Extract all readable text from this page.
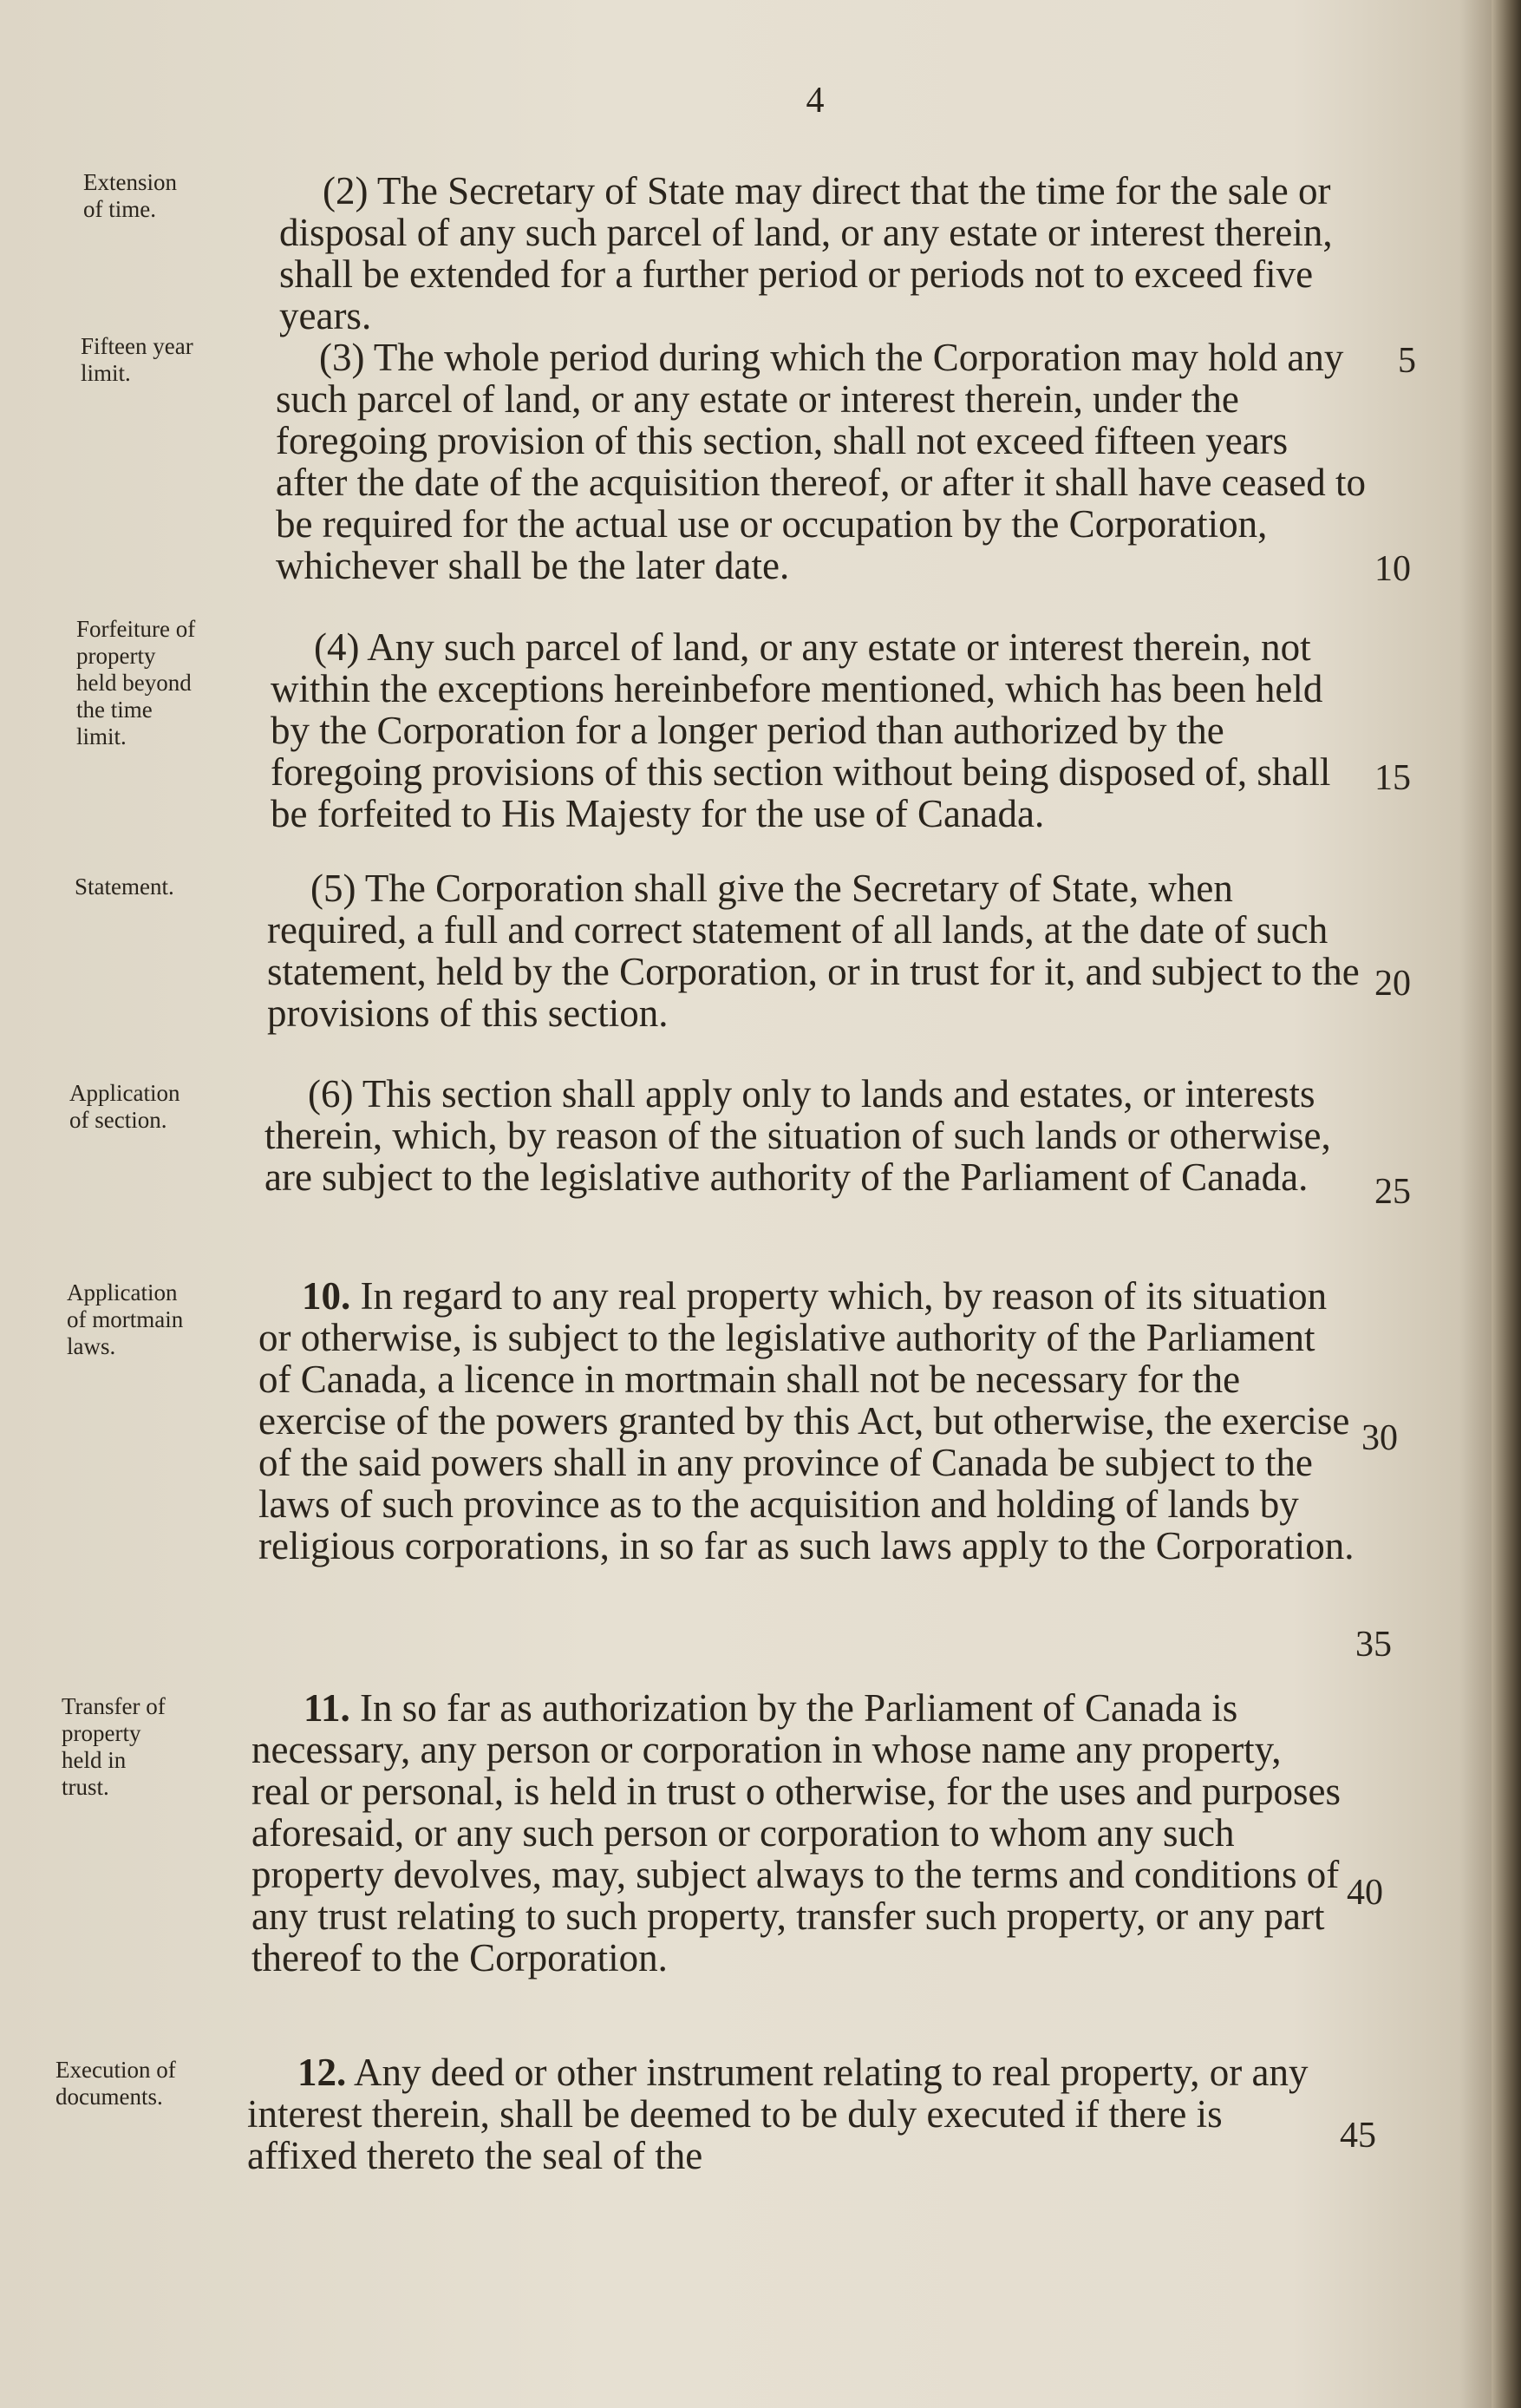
4
Extension
of time.
Fifteen year
limit.
Forfeiture of
property
held beyond
the time
limit.
Statement.
Application
of section.
Application
of mortmain
laws.
Transfer of
property
held in
trust.
Execution of
documents.

(2) The Secretary of State may direct that the time for the sale or disposal of any such parcel of land, or any estate or interest therein, shall be extended for a further period or periods not to exceed five years.

(3) The whole period during which the Corporation may hold any such parcel of land, or any estate or interest therein, under the foregoing provision of this section, shall not exceed fifteen years after the date of the acquisition thereof, or after it shall have ceased to be required for the actual use or occupation by the Corporation, whichever shall be the later date.

(4) Any such parcel of land, or any estate or interest therein, not within the exceptions hereinbefore mentioned, which has been held by the Corporation for a longer period than authorized by the foregoing provisions of this section without being disposed of, shall be forfeited to His Majesty for the use of Canada.

(5) The Corporation shall give the Secretary of State, when required, a full and correct statement of all lands, at the date of such statement, held by the Corporation, or in trust for it, and subject to the provisions of this section.

(6) This section shall apply only to lands and estates, or interests therein, which, by reason of the situation of such lands or otherwise, are subject to the legislative authority of the Parliament of Canada.

10. In regard to any real property which, by reason of its situation or otherwise, is subject to the legislative authority of the Parliament of Canada, a licence in mortmain shall not be necessary for the exercise of the powers granted by this Act, but otherwise, the exercise of the said powers shall in any province of Canada be subject to the laws of such province as to the acquisition and holding of lands by religious corporations, in so far as such laws apply to the Corporation.

11. In so far as authorization by the Parliament of Canada is necessary, any person or corporation in whose name any property, real or personal, is held in trust o otherwise, for the uses and purposes aforesaid, or any such person or corporation to whom any such property devolves, may, subject always to the terms and conditions of any trust relating to such property, transfer such property, or any part thereof to the Corporation.

12. Any deed or other instrument relating to real property, or any interest therein, shall be deemed to be duly executed if there is affixed thereto the seal of the

5
10
15
20
25
30
35
40
45
